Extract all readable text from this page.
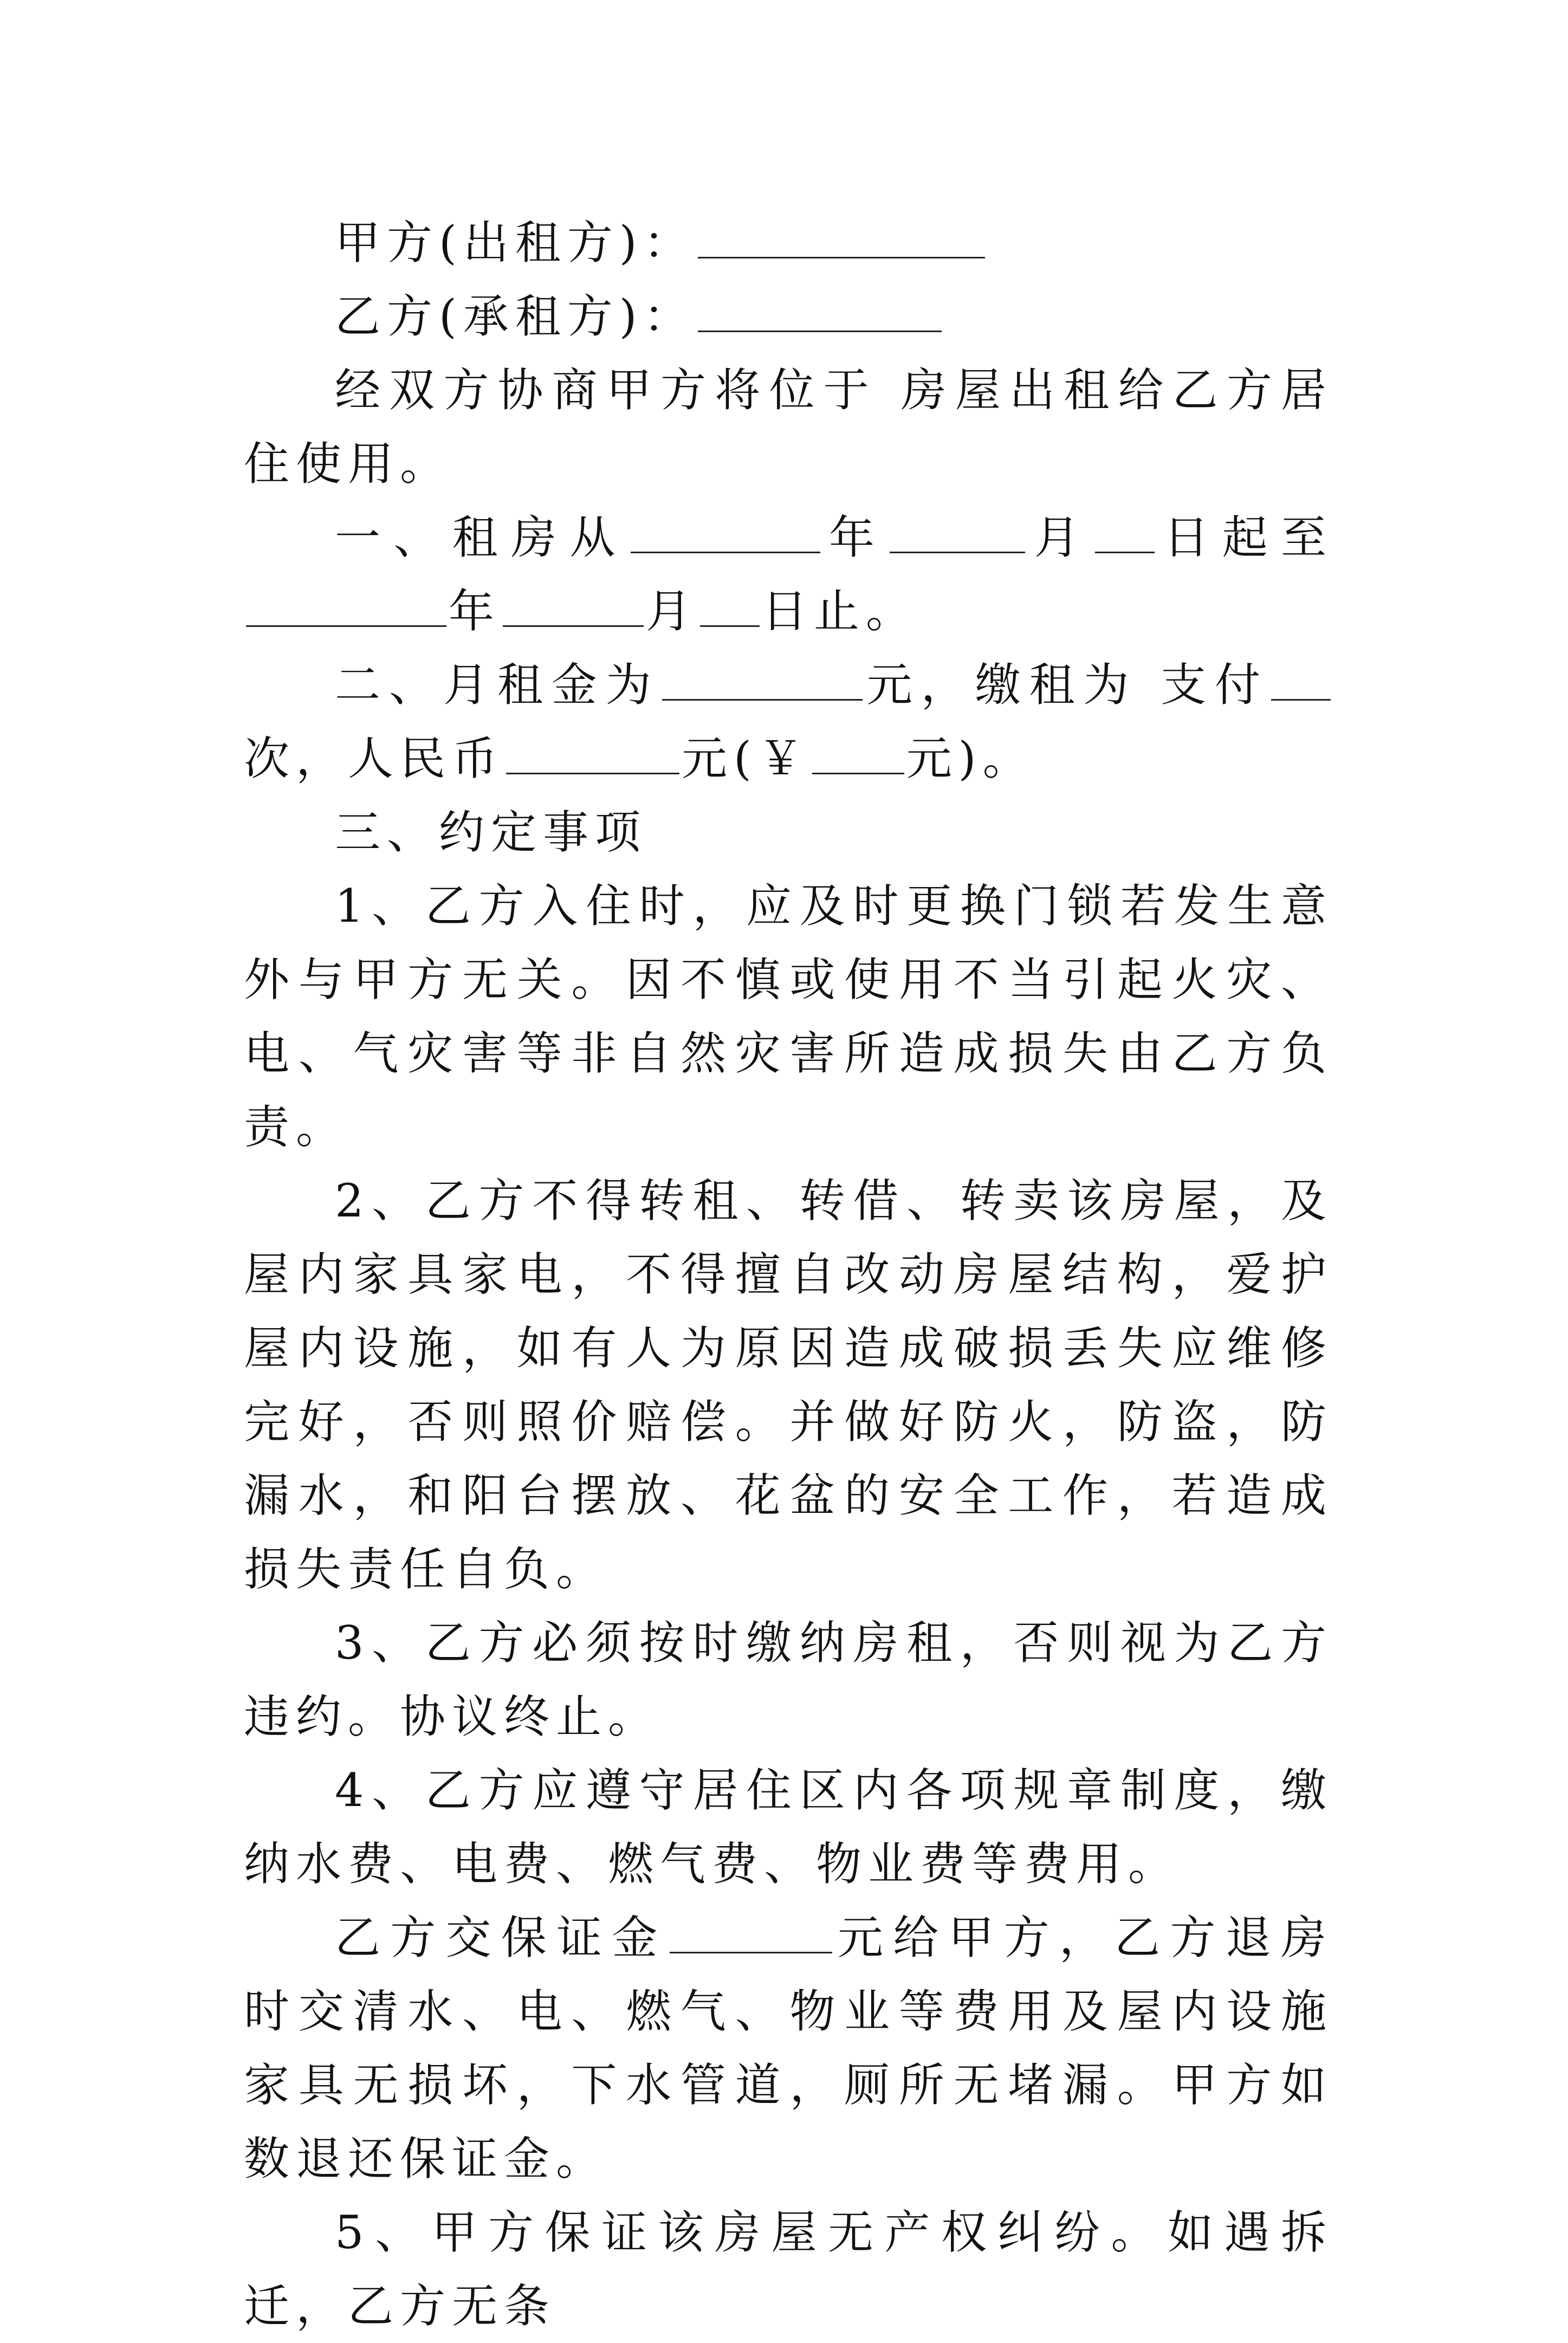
甲方(出租方)：

乙方(承租方)：

经双方协商甲方将位于 房屋出租给乙方居住使用。

一、租房从	年	月 日起至年	月 日止。

二、月租金为	元，缴租为 支付次，人民币	元(￥ 元)。

三、约定事项

1、乙方入住时，应及时更换门锁若发生意外与甲方无关。因不慎或使用不当引起火灾、电、气灾害等非自然灾害所造成损失由乙方负责。

2、乙方不得转租、转借、转卖该房屋，及屋内家具家电，不得擅自改动房屋结构，爱护屋内设施，如有人为原因造成破损丢失应维修完好，否则照价赔偿。并做好防火，防盗，防漏水，和阳台摆放、花盆的安全工作，若造成损失责任自负。

3、乙方必须按时缴纳房租，否则视为乙方违约。协议终止。

4、乙方应遵守居住区内各项规章制度，缴纳水费、电费、燃气费、物业费等费用。

乙方交保证金	元给甲方，乙方退房时交清水、电、燃气、物业等费用及屋内设施家具无损坏，下水管道，厕所无堵漏。甲方如数退还保证金。

5、甲方保证该房屋无产权纠纷。如遇拆迁，乙方无条
